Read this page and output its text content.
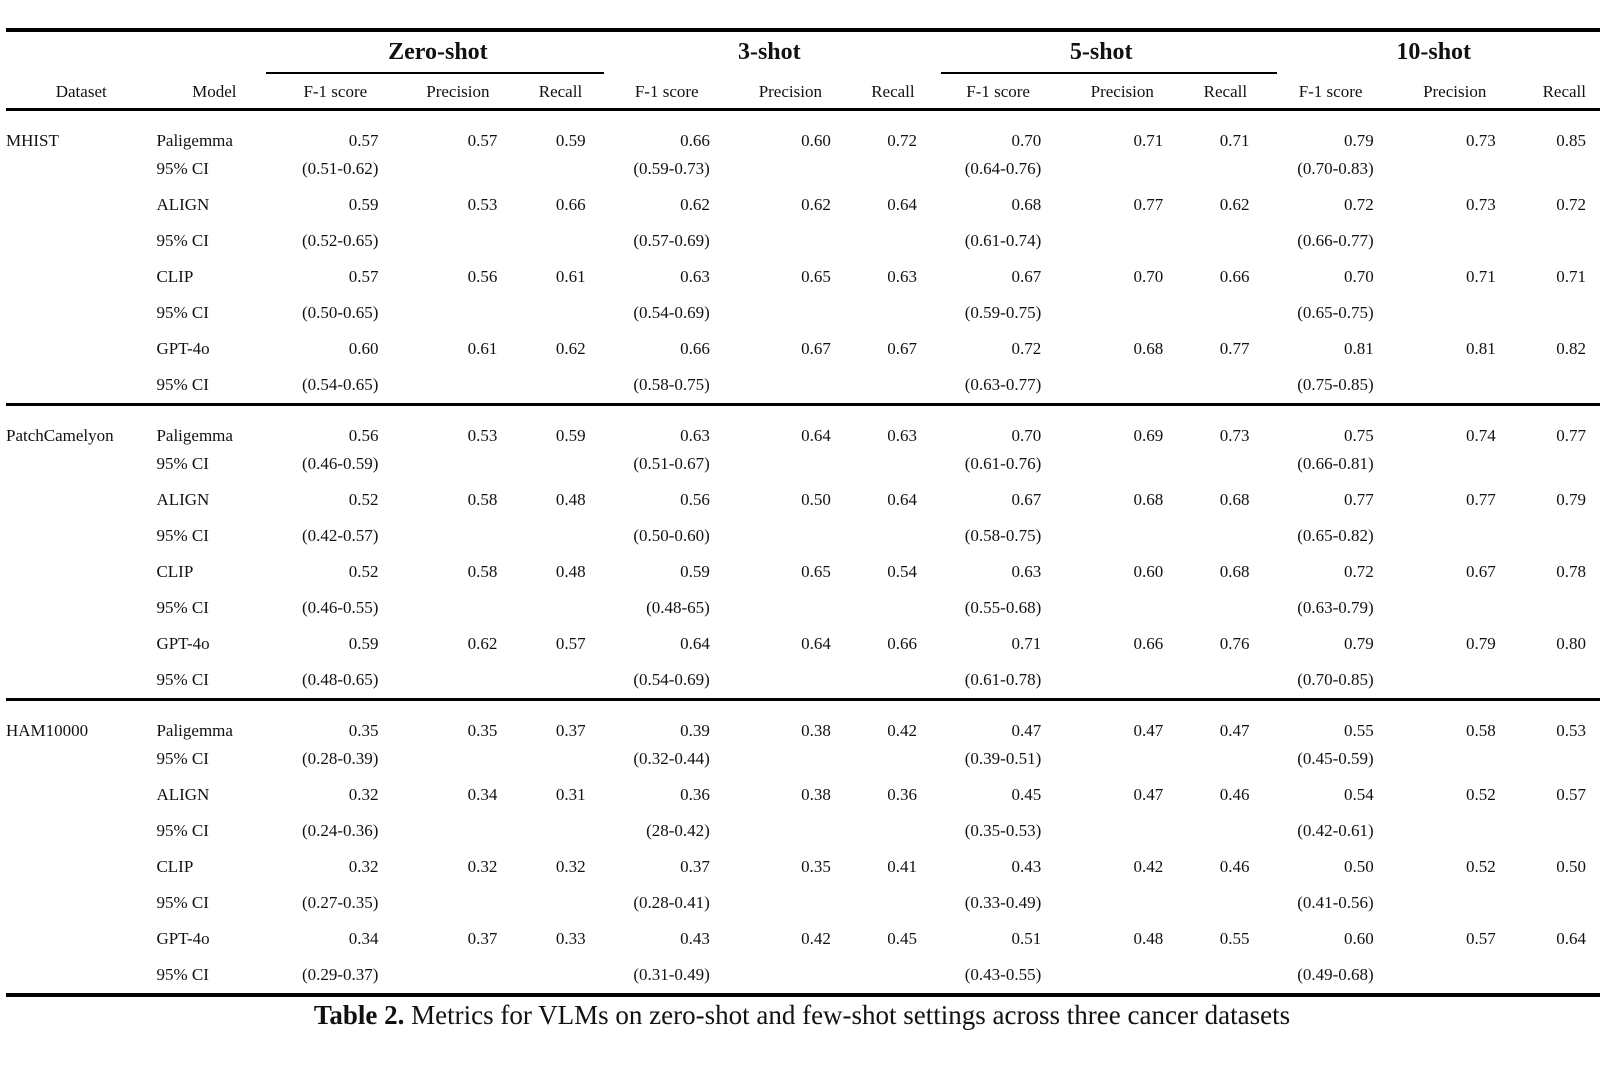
		Zero-shot			3-shot			5-shot			10-shot		
Dataset	Model	F-1 score	Precision	Recall	F-1 score	Precision	Recall	F-1 score	Precision	Recall	F-1 score	Precision	Recall
MHIST	Paligemma	0.57	0.57	0.59	0.66	0.60	0.72	0.70	0.71	0.71	0.79	0.73	0.85
	95% CI	(0.51-0.62)			(0.59-0.73)			(0.64-0.76)			(0.70-0.83)		
	ALIGN	0.59	0.53	0.66	0.62	0.62	0.64	0.68	0.77	0.62	0.72	0.73	0.72
	95% CI	(0.52-0.65)			(0.57-0.69)			(0.61-0.74)			(0.66-0.77)		
	CLIP	0.57	0.56	0.61	0.63	0.65	0.63	0.67	0.70	0.66	0.70	0.71	0.71
	95% CI	(0.50-0.65)			(0.54-0.69)			(0.59-0.75)			(0.65-0.75)		
	GPT-4o	0.60	0.61	0.62	0.66	0.67	0.67	0.72	0.68	0.77	0.81	0.81	0.82
	95% CI	(0.54-0.65)			(0.58-0.75)			(0.63-0.77)			(0.75-0.85)		
PatchCamelyon	Paligemma	0.56	0.53	0.59	0.63	0.64	0.63	0.70	0.69	0.73	0.75	0.74	0.77
	95% CI	(0.46-0.59)			(0.51-0.67)			(0.61-0.76)			(0.66-0.81)		
	ALIGN	0.52	0.58	0.48	0.56	0.50	0.64	0.67	0.68	0.68	0.77	0.77	0.79
	95% CI	(0.42-0.57)			(0.50-0.60)			(0.58-0.75)			(0.65-0.82)		
	CLIP	0.52	0.58	0.48	0.59	0.65	0.54	0.63	0.60	0.68	0.72	0.67	0.78
	95% CI	(0.46-0.55)			(0.48-65)			(0.55-0.68)			(0.63-0.79)		
	GPT-4o	0.59	0.62	0.57	0.64	0.64	0.66	0.71	0.66	0.76	0.79	0.79	0.80
	95% CI	(0.48-0.65)			(0.54-0.69)			(0.61-0.78)			(0.70-0.85)		
HAM10000	Paligemma	0.35	0.35	0.37	0.39	0.38	0.42	0.47	0.47	0.47	0.55	0.58	0.53
	95% CI	(0.28-0.39)			(0.32-0.44)			(0.39-0.51)			(0.45-0.59)		
	ALIGN	0.32	0.34	0.31	0.36	0.38	0.36	0.45	0.47	0.46	0.54	0.52	0.57
	95% CI	(0.24-0.36)			(28-0.42)			(0.35-0.53)			(0.42-0.61)		
	CLIP	0.32	0.32	0.32	0.37	0.35	0.41	0.43	0.42	0.46	0.50	0.52	0.50
	95% CI	(0.27-0.35)			(0.28-0.41)			(0.33-0.49)			(0.41-0.56)		
	GPT-4o	0.34	0.37	0.33	0.43	0.42	0.45	0.51	0.48	0.55	0.60	0.57	0.64
	95% CI	(0.29-0.37)			(0.31-0.49)			(0.43-0.55)			(0.49-0.68)		
Table 2. Metrics for VLMs on zero-shot and few-shot settings across three cancer datasets
